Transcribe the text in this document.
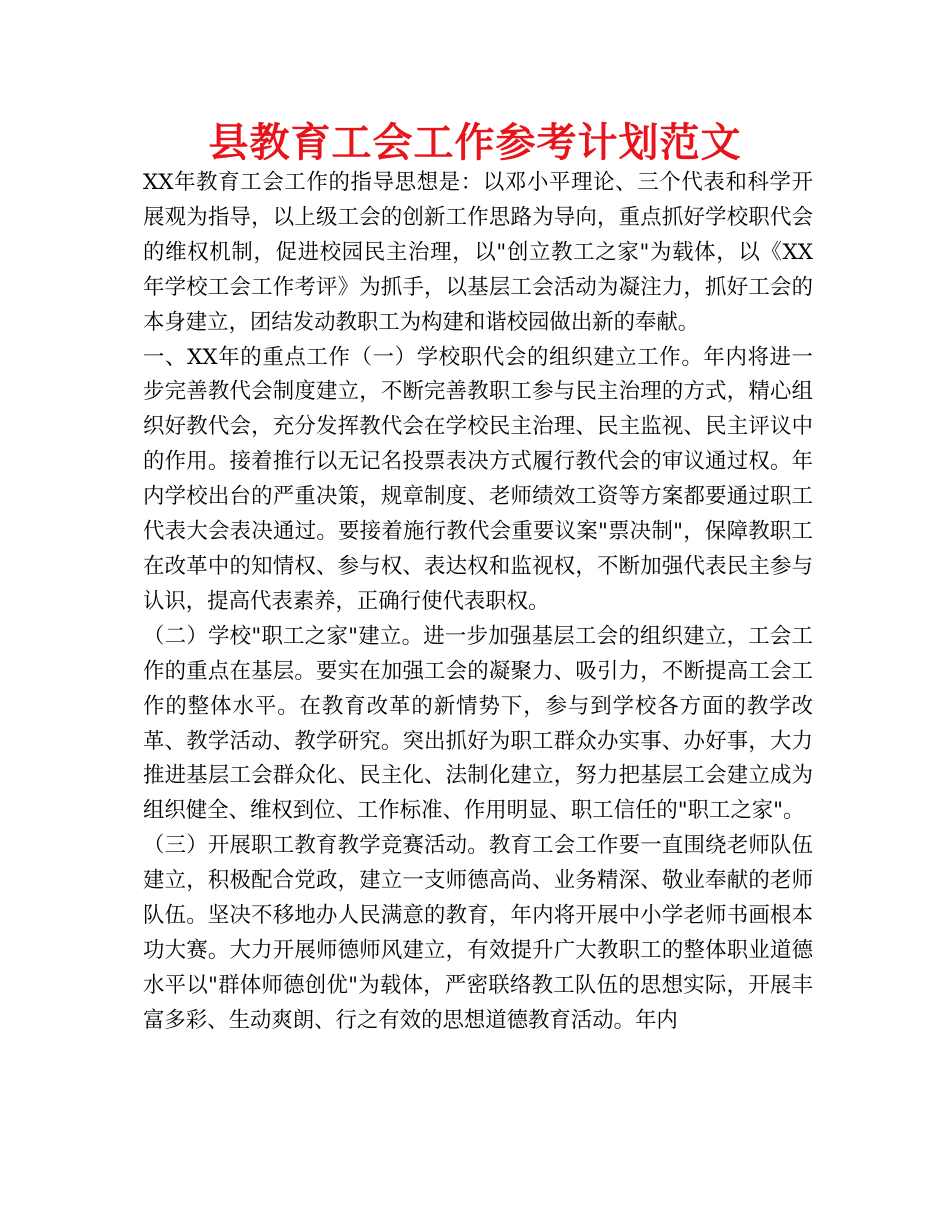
县教育工会工作参考计划范文

XX年教育工会工作的指导思想是：以邓小平理论、三个代表和科学开展观为指导，以上级工会的创新工作思路为导向，重点抓好学校职代会的维权机制，促进校园民主治理，以"创立教工之家"为载体，以《XX年学校工会工作考评》为抓手，以基层工会活动为凝注力，抓好工会的本身建立，团结发动教职工为构建和谐校园做出新的奉献。

一、XX年的重点工作（一）学校职代会的组织建立工作。年内将进一步完善教代会制度建立，不断完善教职工参与民主治理的方式，精心组织好教代会，充分发挥教代会在学校民主治理、民主监视、民主评议中的作用。接着推行以无记名投票表决方式履行教代会的审议通过权。年内学校出台的严重决策，规章制度、老师绩效工资等方案都要通过职工代表大会表决通过。要接着施行教代会重要议案"票决制"，保障教职工在改革中的知情权、参与权、表达权和监视权，不断加强代表民主参与认识，提高代表素养，正确行使代表职权。

（二）学校"职工之家"建立。进一步加强基层工会的组织建立，工会工作的重点在基层。要实在加强工会的凝聚力、吸引力，不断提高工会工作的整体水平。在教育改革的新情势下，参与到学校各方面的教学改革、教学活动、教学研究。突出抓好为职工群众办实事、办好事，大力推进基层工会群众化、民主化、法制化建立，努力把基层工会建立成为组织健全、维权到位、工作标准、作用明显、职工信任的"职工之家"。

（三）开展职工教育教学竞赛活动。教育工会工作要一直围绕老师队伍建立，积极配合党政，建立一支师德高尚、业务精深、敬业奉献的老师队伍。坚决不移地办人民满意的教育，年内将开展中小学老师书画根本功大赛。大力开展师德师风建立，有效提升广大教职工的整体职业道德水平以"群体师德创优"为载体，严密联络教工队伍的思想实际，开展丰富多彩、生动爽朗、行之有效的思想道德教育活动。年内
